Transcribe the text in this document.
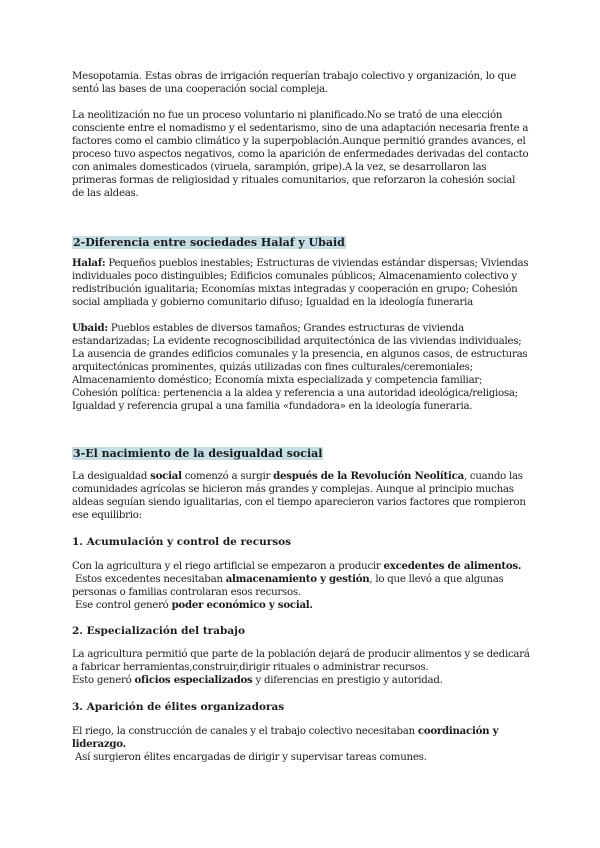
Mesopotamia. Estas obras de irrigación requerían trabajo colectivo y organización, lo que sentó las bases de una cooperación social compleja.

La neolitización no fue un proceso voluntario ni planificado.No se trató de una elección consciente entre el nomadismo y el sedentarismo, sino de una adaptación necesaria frente a factores como el cambio climático y la superpoblación.Aunque permitió grandes avances, el proceso tuvo aspectos negativos, como la aparición de enfermedades derivadas del contacto con animales domesticados (viruela, sarampión, gripe).A la vez, se desarrollaron las primeras formas de religiosidad y rituales comunitarios, que reforzaron la cohesión social de las aldeas.

2-Diferencia entre sociedades Halaf y Ubaid

Halaf: Pequeños pueblos inestables; Estructuras de viviendas estándar dispersas; Viviendas individuales poco distinguibles; Edificios comunales públicos; Almacenamiento colectivo y redistribución igualitaria; Economías mixtas integradas y cooperación en grupo; Cohesión social ampliada y gobierno comunitario difuso; Igualdad en la ideología funeraria

Ubaid: Pueblos estables de diversos tamaños; Grandes estructuras de vivienda estandarizadas; La evidente recognoscibilidad arquitectónica de las viviendas individuales; La ausencia de grandes edificios comunales y la presencia, en algunos casos, de estructuras arquitectónicas prominentes, quizás utilizadas con fines culturales/ceremoniales; Almacenamiento doméstico; Economía mixta especializada y competencia familiar; Cohesión política: pertenencia a la aldea y referencia a una autoridad ideológica/religiosa; Igualdad y referencia grupal a una familia «fundadora» en la ideología funeraria.

3-El nacimiento de la desigualdad social

La desigualdad social comenzó a surgir después de la Revolución Neolítica, cuando las comunidades agrícolas se hicieron más grandes y complejas. Aunque al principio muchas aldeas seguían siendo igualitarias, con el tiempo aparecieron varios factores que rompieron ese equilibrio:

1. Acumulación y control de recursos

Con la agricultura y el riego artificial se empezaron a producir excedentes de alimentos.

Estos excedentes necesitaban almacenamiento y gestión, lo que llevó a que algunas personas o familias controlaran esos recursos.

Ese control generó poder económico y social.

2. Especialización del trabajo

La agricultura permitió que parte de la población dejará de producir alimentos y se dedicará a fabricar herramientas,construir,dirigir rituales o administrar recursos.

Esto generó oficios especializados y diferencias en prestigio y autoridad.

3. Aparición de élites organizadoras

El riego, la construcción de canales y el trabajo colectivo necesitaban coordinación y liderazgo.

Así surgieron élites encargadas de dirigir y supervisar tareas comunes.
